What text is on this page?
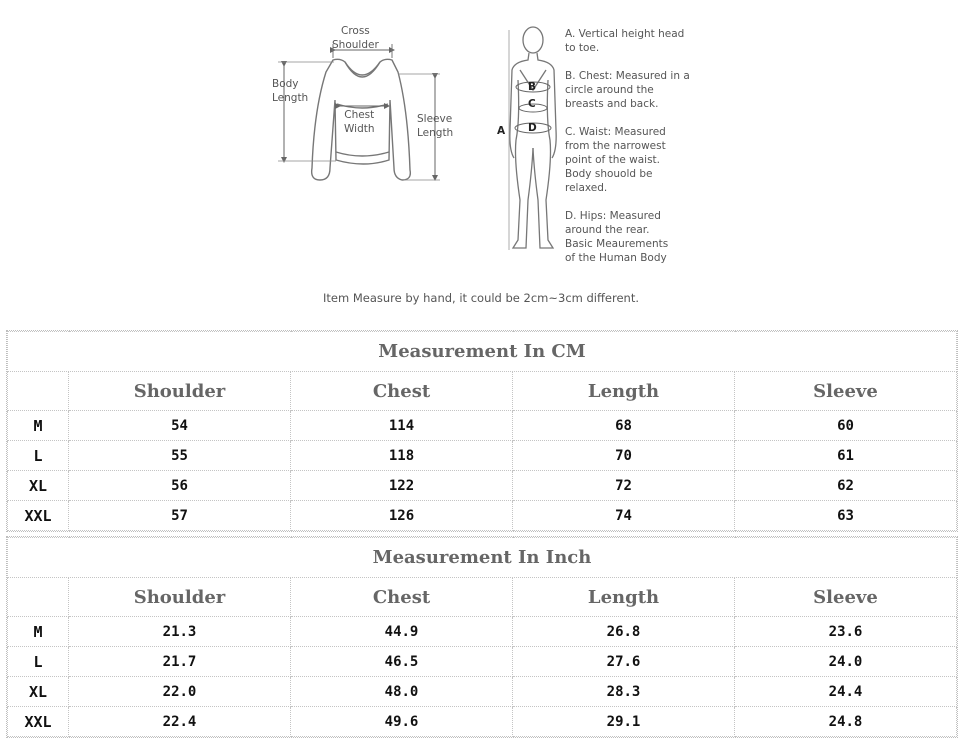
Cross
Shoulder
Body
Length
Chest
Width
Sleeve
Length	A
B
C
D
A. Vertical height head
to toe.
B. Chest: Measured in a
circle around the
breasts and back.
C. Waist: Measured
from the narrowest
point of the waist.
Body shouold be
relaxed.
D. Hips: Measured
around the rear.
Basic Meaurements
of the Human Body
Item Measure by hand, it could be 2cm~3cm different.
Measurement In CM				
	Shoulder	Chest	Length	Sleeve
M	54	114	68	60
L	55	118	70	61
XL	56	122	72	62
XXL	57	126	74	63
Measurement In Inch				
	Shoulder	Chest	Length	Sleeve
M	21.3	44.9	26.8	23.6
L	21.7	46.5	27.6	24.0
XL	22.0	48.0	28.3	24.4
XXL	22.4	49.6	29.1	24.8
